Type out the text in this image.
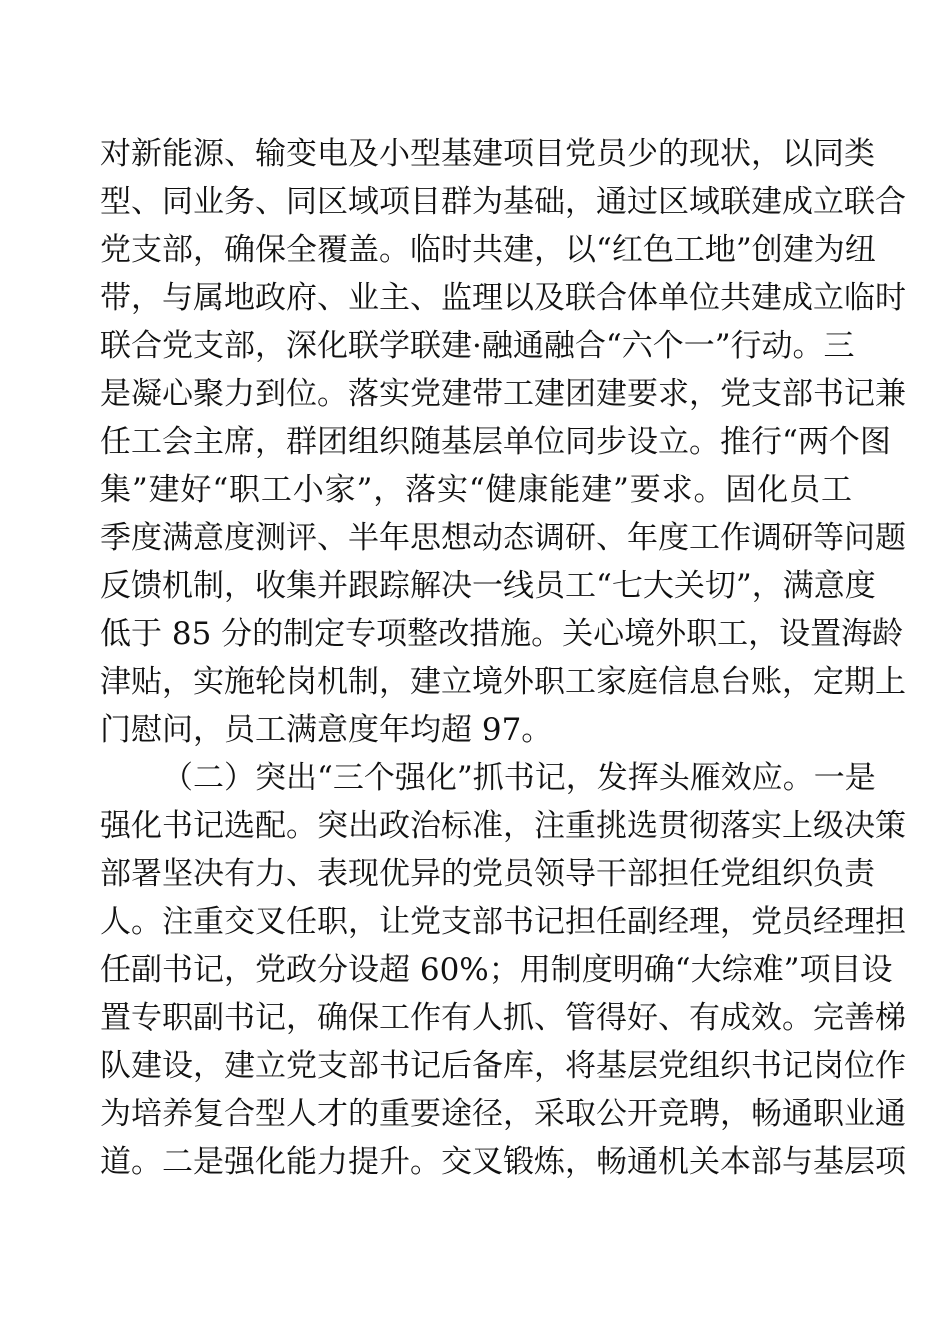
对新能源、输变电及小型基建项目党员少的现状，以同类
型、同业务、同区域项目群为基础，通过区域联建成立联合
党支部，确保全覆盖。临时共建，以“红色工地”创建为纽
带，与属地政府、业主、监理以及联合体单位共建成立临时
联合党支部，深化联学联建·融通融合“六个一”行动。三
是凝心聚力到位。落实党建带工建团建要求，党支部书记兼
任工会主席，群团组织随基层单位同步设立。推行“两个图
集”建好“职工小家”，落实“健康能建”要求。固化员工
季度满意度测评、半年思想动态调研、年度工作调研等问题
反馈机制，收集并跟踪解决一线员工“七大关切”，满意度
低于 85 分的制定专项整改措施。关心境外职工，设置海龄
津贴，实施轮岗机制，建立境外职工家庭信息台账，定期上
门慰问，员工满意度年均超 97。
（二）突出“三个强化”抓书记，发挥头雁效应。一是
强化书记选配。突出政治标准，注重挑选贯彻落实上级决策
部署坚决有力、表现优异的党员领导干部担任党组织负责
人。注重交叉任职，让党支部书记担任副经理，党员经理担
任副书记，党政分设超 60%；用制度明确“大综难”项目设
置专职副书记，确保工作有人抓、管得好、有成效。完善梯
队建设，建立党支部书记后备库，将基层党组织书记岗位作
为培养复合型人才的重要途径，采取公开竞聘，畅通职业通
道。二是强化能力提升。交叉锻炼，畅通机关本部与基层项
